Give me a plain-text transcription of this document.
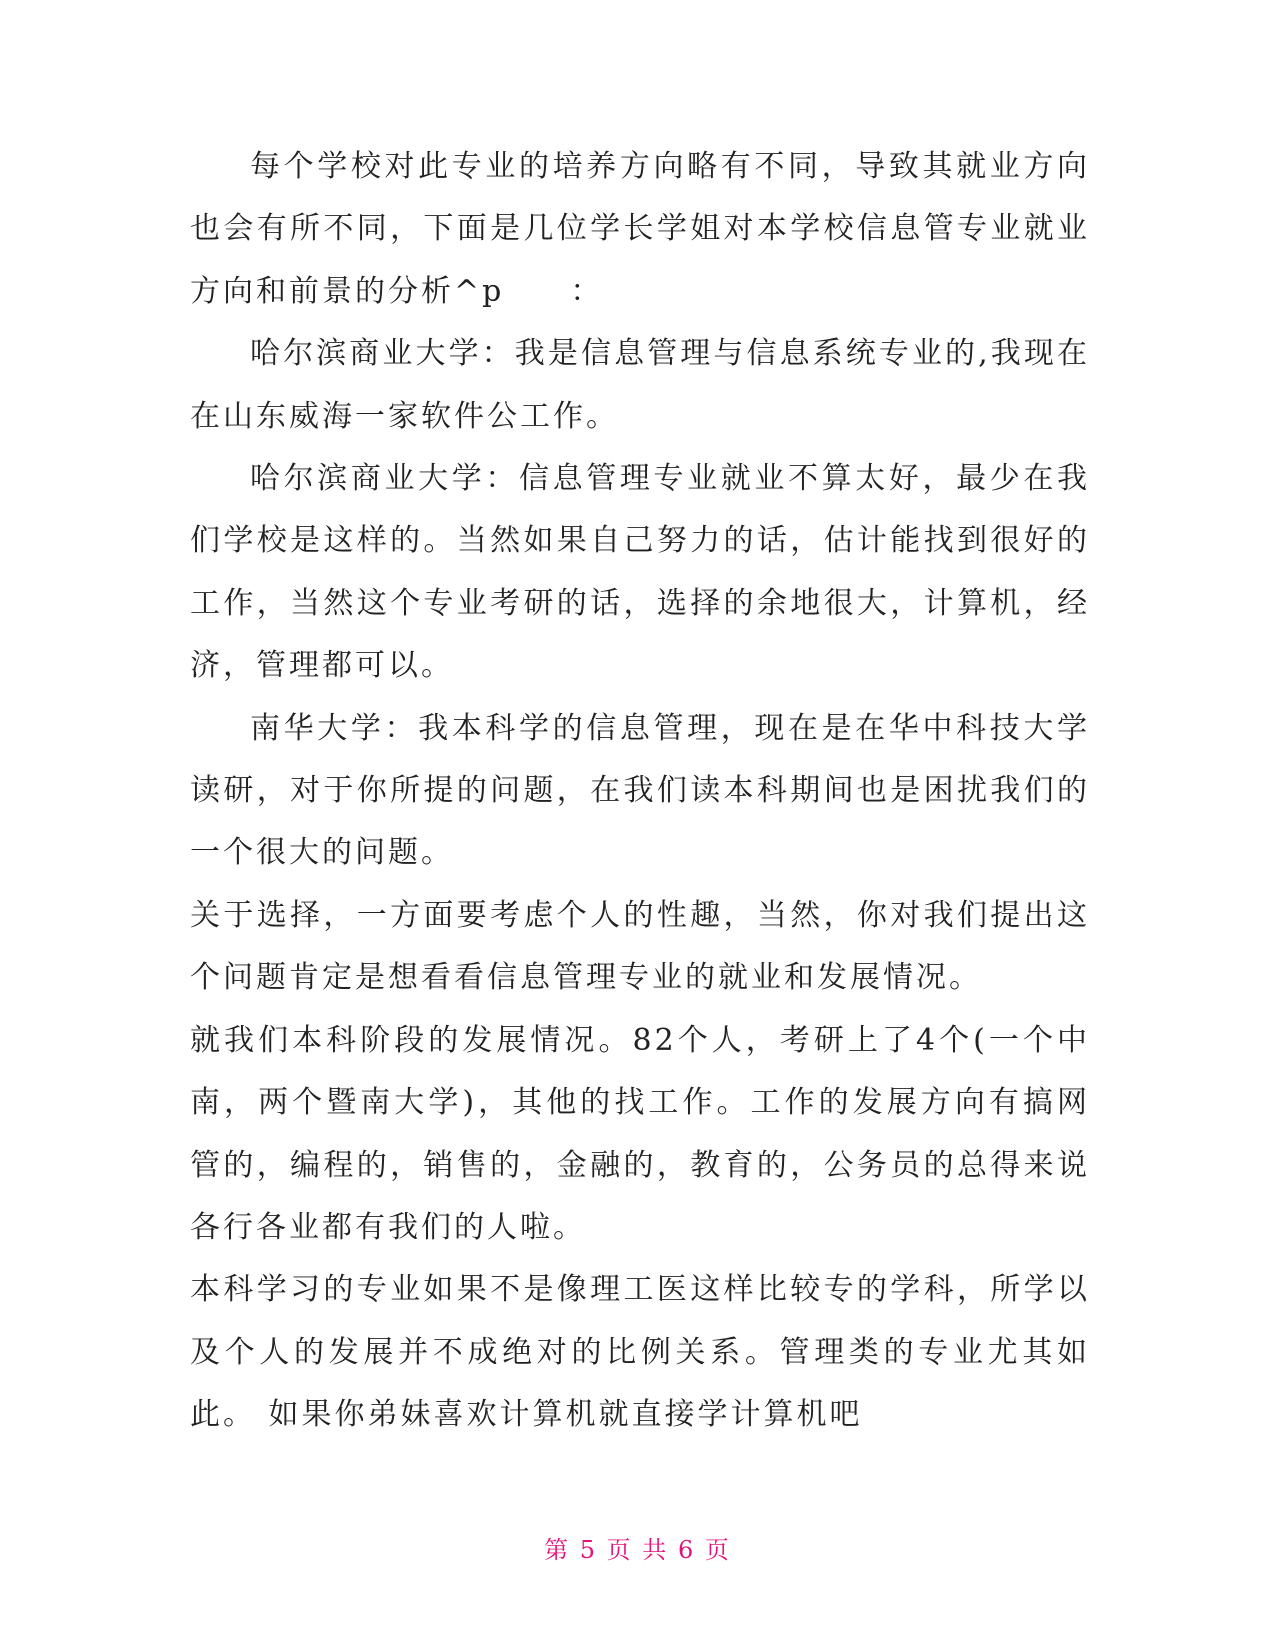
每个学校对此专业的培养方向略有不同，导致其就业方向也会有所不同，下面是几位学长学姐对本学校信息管专业就业方向和前景的分析^p　　：

哈尔滨商业大学：我是信息管理与信息系统专业的,我现在在山东威海一家软件公工作。

哈尔滨商业大学：信息管理专业就业不算太好，最少在我们学校是这样的。当然如果自己努力的话，估计能找到很好的工作，当然这个专业考研的话，选择的余地很大，计算机，经济，管理都可以。

南华大学：我本科学的信息管理，现在是在华中科技大学读研，对于你所提的问题，在我们读本科期间也是困扰我们的一个很大的问题。

关于选择，一方面要考虑个人的性趣，当然，你对我们提出这个问题肯定是想看看信息管理专业的就业和发展情况。

就我们本科阶段的发展情况。82个人，考研上了4个(一个中南，两个暨南大学)，其他的找工作。工作的发展方向有搞网管的，编程的，销售的，金融的，教育的，公务员的总得来说各行各业都有我们的人啦。

本科学习的专业如果不是像理工医这样比较专的学科，所学以及个人的发展并不成绝对的比例关系。管理类的专业尤其如此。 如果你弟妹喜欢计算机就直接学计算机吧

第 5 页 共 6 页
